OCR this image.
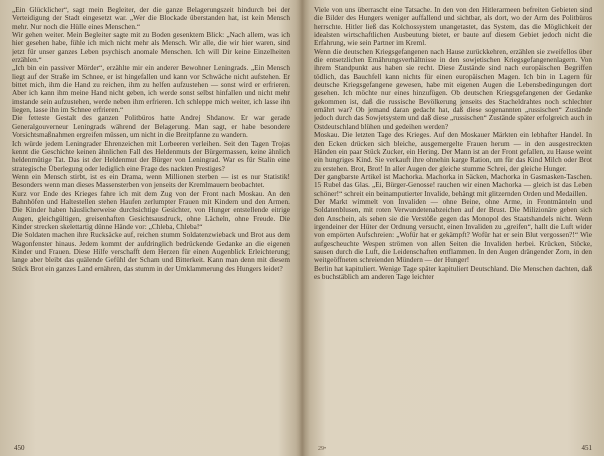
„Ein Glücklicher“, sagt mein Begleiter, der die ganze Belagerungszeit hindurch bei der Verteidigung der Stadt eingesetzt war. „Wer die Blockade überstanden hat, ist kein Mensch mehr. Nur noch die Hülle eines Menschen.“

Wir gehen weiter. Mein Begleiter sagte mit zu Boden gesenktem Blick: „Nach allem, was ich hier gesehen habe, fühle ich mich nicht mehr als Mensch. Wir alle, die wir hier waren, sind jetzt für unser ganzes Leben psychisch anomale Menschen. Ich will Dir keine Einzelheiten erzählen.“

„Ich bin ein passiver Mörder“, erzählte mir ein anderer Bewohner Leningrads. „Ein Mensch liegt auf der Straße im Schnee, er ist hingefallen und kann vor Schwäche nicht aufstehen. Er bittet mich, ihm die Hand zu reichen, ihm zu helfen aufzustehen — sonst wird er erfrieren. Aber ich kann ihm meine Hand nicht geben, ich werde sonst selbst hinfallen und nicht mehr imstande sein aufzustehen, werde neben ihm erfrieren. Ich schleppe mich weiter, ich lasse ihn liegen, lasse ihn im Schnee erfrieren.“

Die fetteste Gestalt des ganzen Politbüros hatte Andrej Shdanow. Er war gerade Generalgouverneur Leningrads während der Belagerung. Man sagt, er habe besondere Vorsichtsmaßnahmen ergreifen müssen, um nicht in die Breitpfanne zu wandern.

Ich würde jedem Leningrader Ehrenzeichen mit Lorbeeren verleihen. Seit den Tagen Trojas kennt die Geschichte keinen ähnlichen Fall des Heldenmuts der Bürgermassen, keine ähnlich heldenmütige Tat. Das ist der Heldenmut der Bürger von Leningrad. War es für Stalin eine strategische Überlegung oder lediglich eine Frage des nackten Prestiges?

Wenn ein Mensch stirbt, ist es ein Drama, wenn Millionen sterben — ist es nur Statistik! Besonders wenn man dieses Massensterben von jenseits der Kremlmauern beobachtet.

Kurz vor Ende des Krieges fahre ich mit dem Zug von der Front nach Moskau. An den Bahnhöfen und Haltestellen stehen Haufen zerlumpter Frauen mit Kindern und den Armen. Die Kinder haben häuslicherweise durchsichtige Gesichter, von Hunger entstellende eitrige Augen, gleichgültigen, greisenhaften Gesichtsausdruck, ohne Lächeln, ohne Freude. Die Kinder strecken skelettartig dünne Hände vor: „Chleba, Chleba!“

Die Soldaten machen ihre Rucksäcke auf, reichen stumm Soldatenzwieback und Brot aus dem Wagonfenster hinaus. Jedem kommt der aufdringlich bedrückende Gedanke an die eigenen Kinder und Frauen. Diese Hilfe verschafft dem Herzen für einen Augenblick Erleichterung; lange aber bleibt das quälende Gefühl der Scham und Bitterkeit. Kann man denn mit diesem Stück Brot ein ganzes Land ernähren, das stumm in der Umklammerung des Hungers leidet?

Viele von uns überrascht eine Tatsache. In den von den Hitlerarmeen befreiten Gebieten sind die Bilder des Hungers weniger auffallend und sichtbar, als dort, wo der Arm des Politbüros herrschte. Hitler ließ das Kolchossystem unangetastet, das System, das die Möglichkeit der idealsten wirtschaftlichen Ausbeutung bietet, er baute auf diesem Gebiet jedoch nicht die Erfahrung, wie sein Partner im Kreml.

Wenn die deutschen Kriegsgefangenen nach Hause zurückkehren, erzählen sie zweifellos über die entsetzlichen Ernährungsverhältnisse in den sowjetischen Kriegsgefangenenlagern. Von ihrem Standpunkt aus haben sie recht. Diese Zustände sind nach europäischen Begriffen tödlich, das Bauchfell kann nichts für einen europäischen Magen. Ich bin in Lagern für deutsche Kriegsgefangene gewesen, habe mit eigenen Augen die Lebensbedingungen dort gesehen. Ich möchte nur eines hinzufügen. Ob deutschen Kriegsgefangenen der Gedanke gekommen ist, daß die russische Bevölkerung jenseits des Stacheldrahtes noch schlechter ernährt war? Ob jemand daran gedacht hat, daß diese sogenannten „russischen“ Zustände jedoch durch das Sowjetsystem und daß diese „russischen“ Zustände später erfolgreich auch in Ostdeutschland blühen und gedeihen werden?

Moskau. Die letzten Tage des Krieges. Auf den Moskauer Märkten ein lebhafter Handel. In den Ecken drücken sich bleiche, ausgemergelte Frauen herum — in den ausgestreckten Händen ein paar Stück Zucker, ein Hering. Der Mann ist an der Front gefallen, zu Hause weint ein hungriges Kind. Sie verkauft ihre ohnehin karge Ration, um für das Kind Milch oder Brot zu erstehen. Brot, Brot! In aller Augen der gleiche stumme Schrei, der gleiche Hunger.

Der gangbarste Artikel ist Machorka. Machorka in Säcken, Machorka in Gasmasken-Taschen. 15 Rubel das Glas. „Ei, Bürger-Genosse! rauchen wir einen Machorka — gleich ist das Leben schöner!“ schreit ein beinamputierter Invalide, behängt mit glitzernden Orden und Medaillen.

Der Markt wimmelt von Invaliden — ohne Beine, ohne Arme, in Frontmänteln und Soldatenblusen, mit roten Verwundetenabzeichen auf der Brust. Die Milizionäre geben sich den Anschein, als sehen sie die Verstöße gegen das Monopol des Staatshandels nicht. Wenn irgendeiner der Hüter der Ordnung versucht, einen Invaliden zu „greifen“, hallt die Luft wider von empörten Aufschreien: „Wofür hat er gekämpft? Wofür hat er sein Blut vergossen?!“ Wie aufgescheuchte Wespen strömen von allen Seiten die Invaliden herbei. Krücken, Stöcke, sausen durch die Luft, die Leidenschaften entflammen. In den Augen drängender Zorn, in den weitgeöffneten schreienden Mündern — der Hunger!

Berlin hat kapituliert. Wenige Tage später kapituliert Deutschland. Die Menschen dachten, daß es buchstäblich am anderen Tage leichter

450	29•	451
